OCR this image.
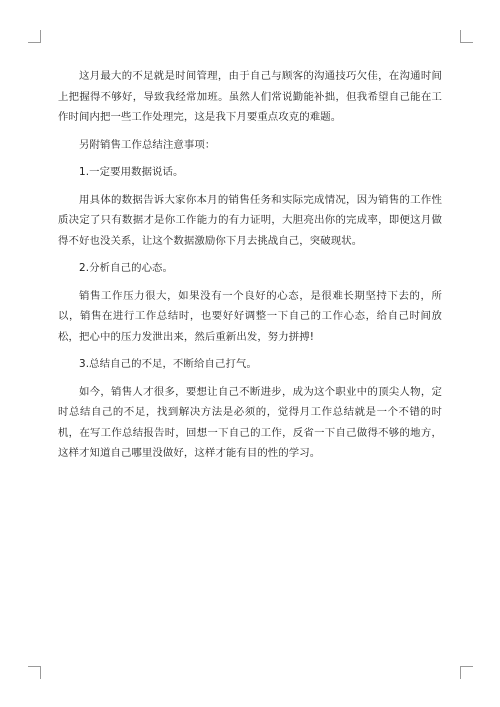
这月最大的不足就是时间管理，由于自己与顾客的沟通技巧欠佳，在沟通时间上把握得不够好，导致我经常加班。虽然人们常说勤能补拙，但我希望自己能在工作时间内把一些工作处理完，这是我下月要重点攻克的难题。

另附销售工作总结注意事项：

1.一定要用数据说话。

用具体的数据告诉大家你本月的销售任务和实际完成情况，因为销售的工作性质决定了只有数据才是你工作能力的有力证明，大胆亮出你的完成率，即便这月做得不好也没关系，让这个数据激励你下月去挑战自己，突破现状。

2.分析自己的心态。

销售工作压力很大，如果没有一个良好的心态，是很难长期坚持下去的，所以，销售在进行工作总结时，也要好好调整一下自己的工作心态，给自己时间放松，把心中的压力发泄出来，然后重新出发，努力拼搏!

3.总结自己的不足，不断给自己打气。

如今，销售人才很多，要想让自己不断进步，成为这个职业中的顶尖人物，定时总结自己的不足，找到解决方法是必须的，觉得月工作总结就是一个不错的时机，在写工作总结报告时，回想一下自己的工作，反省一下自己做得不够的地方，这样才知道自己哪里没做好，这样才能有目的性的学习。
